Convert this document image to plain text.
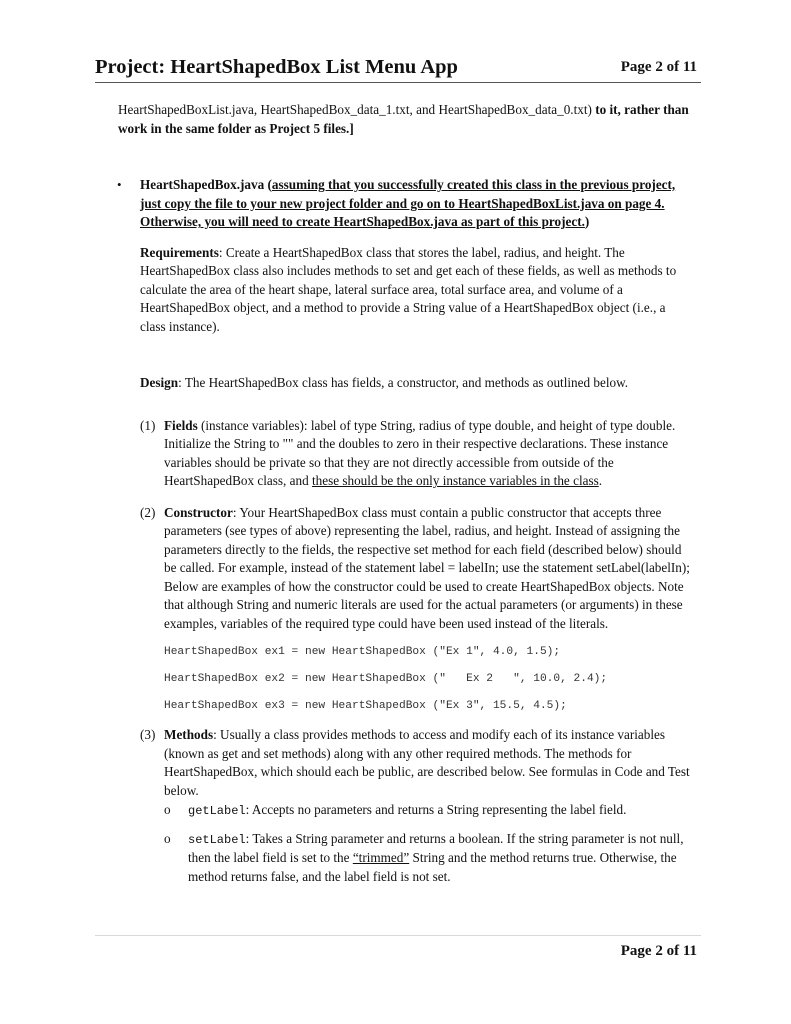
Project: HeartShapedBox List Menu App	Page 2 of 11

HeartShapedBoxList.java, HeartShapedBox_data_1.txt, and HeartShapedBox_data_0.txt) to it, rather than work in the same folder as Project 5 files.]

• HeartShapedBox.java (assuming that you successfully created this class in the previous project, just copy the file to your new project folder and go on to HeartShapedBoxList.java on page 4. Otherwise, you will need to create HeartShapedBox.java as part of this project.)

Requirements: Create a HeartShapedBox class that stores the label, radius, and height. The HeartShapedBox class also includes methods to set and get each of these fields, as well as methods to calculate the area of the heart shape, lateral surface area, total surface area, and volume of a HeartShapedBox object, and a method to provide a String value of a HeartShapedBox object (i.e., a class instance).

Design: The HeartShapedBox class has fields, a constructor, and methods as outlined below.

(1) Fields (instance variables): label of type String, radius of type double, and height of type double. Initialize the String to "" and the doubles to zero in their respective declarations. These instance variables should be private so that they are not directly accessible from outside of the HeartShapedBox class, and these should be the only instance variables in the class.

(2) Constructor: Your HeartShapedBox class must contain a public constructor that accepts three parameters (see types of above) representing the label, radius, and height. Instead of assigning the parameters directly to the fields, the respective set method for each field (described below) should be called. For example, instead of the statement label = labelIn; use the statement setLabel(labelIn); Below are examples of how the constructor could be used to create HeartShapedBox objects. Note that although String and numeric literals are used for the actual parameters (or arguments) in these examples, variables of the required type could have been used instead of the literals.

HeartShapedBox ex1 = new HeartShapedBox ("Ex 1", 4.0, 1.5);
HeartShapedBox ex2 = new HeartShapedBox ("   Ex 2   ", 10.0, 2.4);
HeartShapedBox ex3 = new HeartShapedBox ("Ex 3", 15.5, 4.5);
(3) Methods: Usually a class provides methods to access and modify each of its instance variables (known as get and set methods) along with any other required methods. The methods for HeartShapedBox, which should each be public, are described below. See formulas in Code and Test below.

o getLabel: Accepts no parameters and returns a String representing the label field.

o setLabel: Takes a String parameter and returns a boolean. If the string parameter is not null, then the label field is set to the “trimmed” String and the method returns true. Otherwise, the method returns false, and the label field is not set.

Page 2 of 11
